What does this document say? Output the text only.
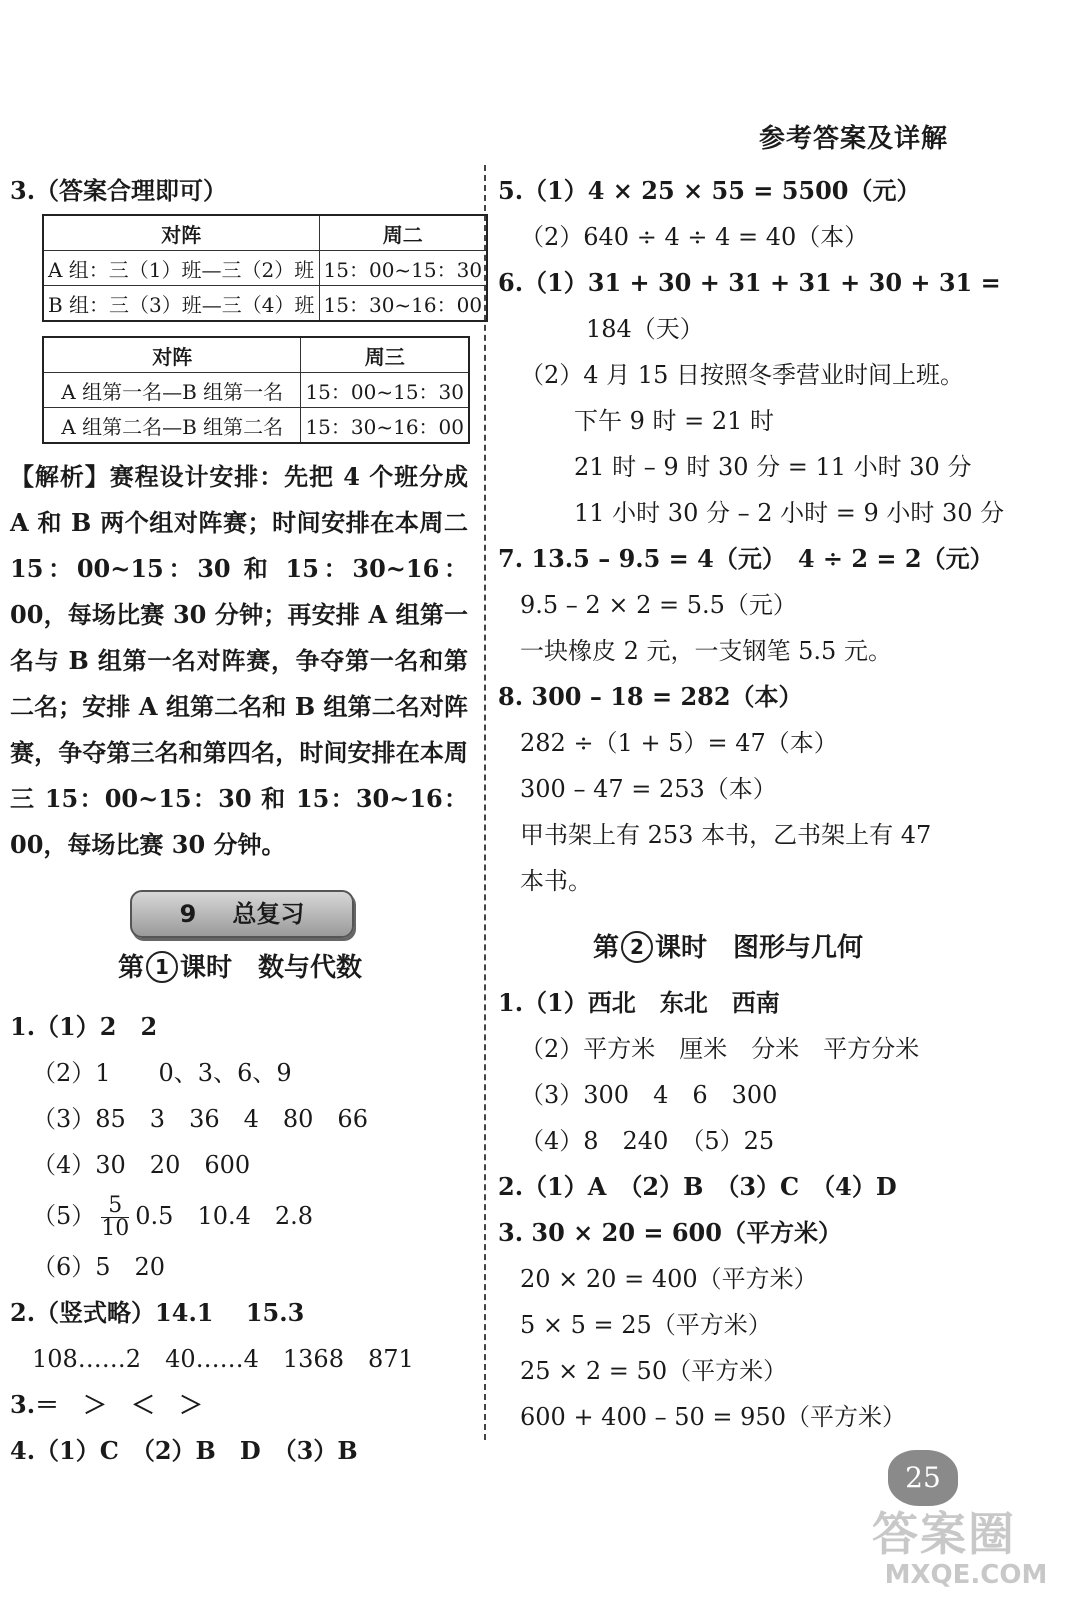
参考答案及详解
3.（答案合理即可）
对阵	周二
A 组：三（1）班—三（2）班	15：00~15：30
B 组：三（3）班—三（4）班	15：30~16：00
对阵	周三
A 组第一名—B 组第一名	15：00~15：30
A 组第二名—B 组第二名	15：30~16：00
【解析】赛程设计安排：先把 4 个班分成 A 和 B 两个组对阵赛；时间安排在本周二 15：00~15：30 和 15：30~16：00，每场比赛 30 分钟；再安排 A 组第一名与 B 组第一名对阵赛，争夺第一名和第二名；安排 A 组第二名和 B 组第二名对阵赛，争夺第三名和第四名，时间安排在本周三 15：00~15：30 和 15：30~16：00，每场比赛 30 分钟。
9 总复习
第 1 课时　数与代数
1.（1）2　2
（2）1　　0、3、6、9
（3）85　3　36　4　80　66
（4）30　20　600
$(5) \frac{5}{10} 0.5$　10.4　2.8
（6）5　20
2.（竖式略）14.1　 15.3
108……2　40……4　1368　871
3.＝　＞　＜　＞
4.（1）C　（2）B　D　（3）B
5.（1）4 × 25 × 55 = 5500（元）
（2）640 ÷ 4 ÷ 4 = 40（本）
6.（1）31 + 30 + 31 + 31 + 30 + 31 =
184（天）
（2）4 月 15 日按照冬季营业时间上班。
下午 9 时 = 21 时
21 时 – 9 时 30 分 = 11 小时 30 分
11 小时 30 分 – 2 小时 = 9 小时 30 分
7. 13.5 – 9.5 = 4（元）　4 ÷ 2 = 2（元）
9.5 – 2 × 2 = 5.5（元）
一块橡皮 2 元，一支钢笔 5.5 元。
8. 300 – 18 = 282（本）
282 ÷（1 + 5）= 47（本）
300 – 47 = 253（本）
甲书架上有 253 本书，乙书架上有 47
本书。
第 2 课时　图形与几何
1.（1）西北　东北　西南
（2）平方米　厘米　分米　平方分米
（3）300　4　6　300
（4）8　240　（5）25
2.（1）A　（2）B　（3）C　（4）D
3. 30 × 20 = 600（平方米）
20 × 20 = 400（平方米）
5 × 5 = 25（平方米）
25 × 2 = 50（平方米）
600 + 400 – 50 = 950（平方米）
25
答案圈
MXQE.COM
